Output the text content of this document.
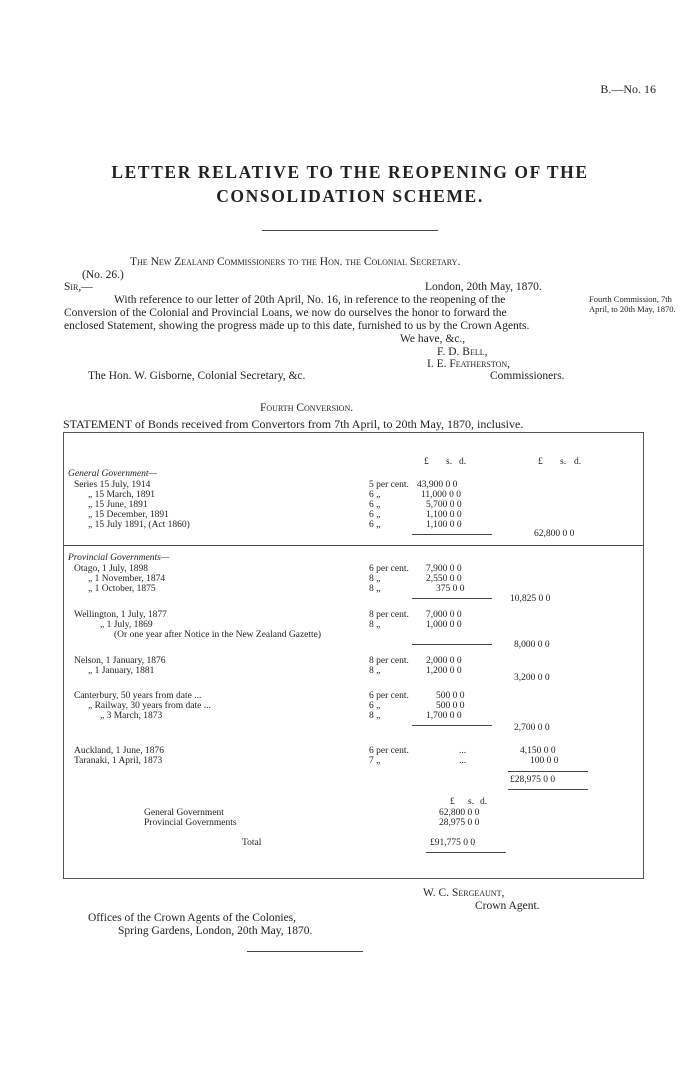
B.—No. 16
LETTER RELATIVE TO THE REOPENING OF THE
CONSOLIDATION SCHEME.
The New Zealand Commissioners to the Hon. the Colonial Secretary.
(No. 26.)
Sir,—	London, 20th May, 1870.
Fourth Commission, 7th April, to 20th May, 1870.
With reference to our letter of 20th April, No. 16, in reference to the reopening of the
Conversion of the Colonial and Provincial Loans, we now do ourselves the honor to forward the
enclosed Statement, showing the progress made up to this date, furnished to us by the Crown Agents.
We have, &c.,
F. D. Bell,
I. E. Featherston,
The Hon. W. Gisborne, Colonial Secretary, &c.	Commissioners.
Fourth Conversion.
STATEMENT of Bonds received from Convertors from 7th April, to 20th May, 1870, inclusive.
£ s. d.	£ s. d.
General Government—
Series 15 July, 1914	5 per cent. 43,900 0 0
„ 15 March, 1891	6 „	11,000 0 0
„ 15 June, 1891	6 „	5,700 0 0
„ 15 December, 1891	6 „	1,100 0 0
„ 15 July 1891, (Act 1860)	6 „	1,100 0 0
62,800 0 0
Provincial Governments—
Otago, 1 July, 1898	6 per cent. 7,900 0 0
„ 1 November, 1874	8 „	2,550 0 0
„ 1 October, 1875	8 „	375 0 0
10,825 0 0
Wellington, 1 July, 1877	8 per cent. 7,000 0 0
„ 1 July, 1869	8 „	1,000 0 0
(Or one year after Notice in the New Zealand Gazette)
8,000 0 0
Nelson, 1 January, 1876	8 per cent. 2,000 0 0
„ 1 January, 1881	8 „	1,200 0 0
3,200 0 0
Canterbury, 50 years from date ...	6 per cent.	500 0 0
„ Railway, 30 years from date ...	6 „	500 0 0
„ 3 March, 1873	8 „	1,700 0 0
2,700 0 0
Auckland, 1 June, 1876	6 per cent.	...	4,150 0 0
Taranaki, 1 April, 1873	7 „	...	100 0 0
£28,975 0 0
£ s. d.
General Government	62,800 0 0
Provincial Governments	28,975 0 0
Total	£91,775 0 0
W. C. Sergeaunt,
Crown Agent.
Offices of the Crown Agents of the Colonies,
Spring Gardens, London, 20th May, 1870.
